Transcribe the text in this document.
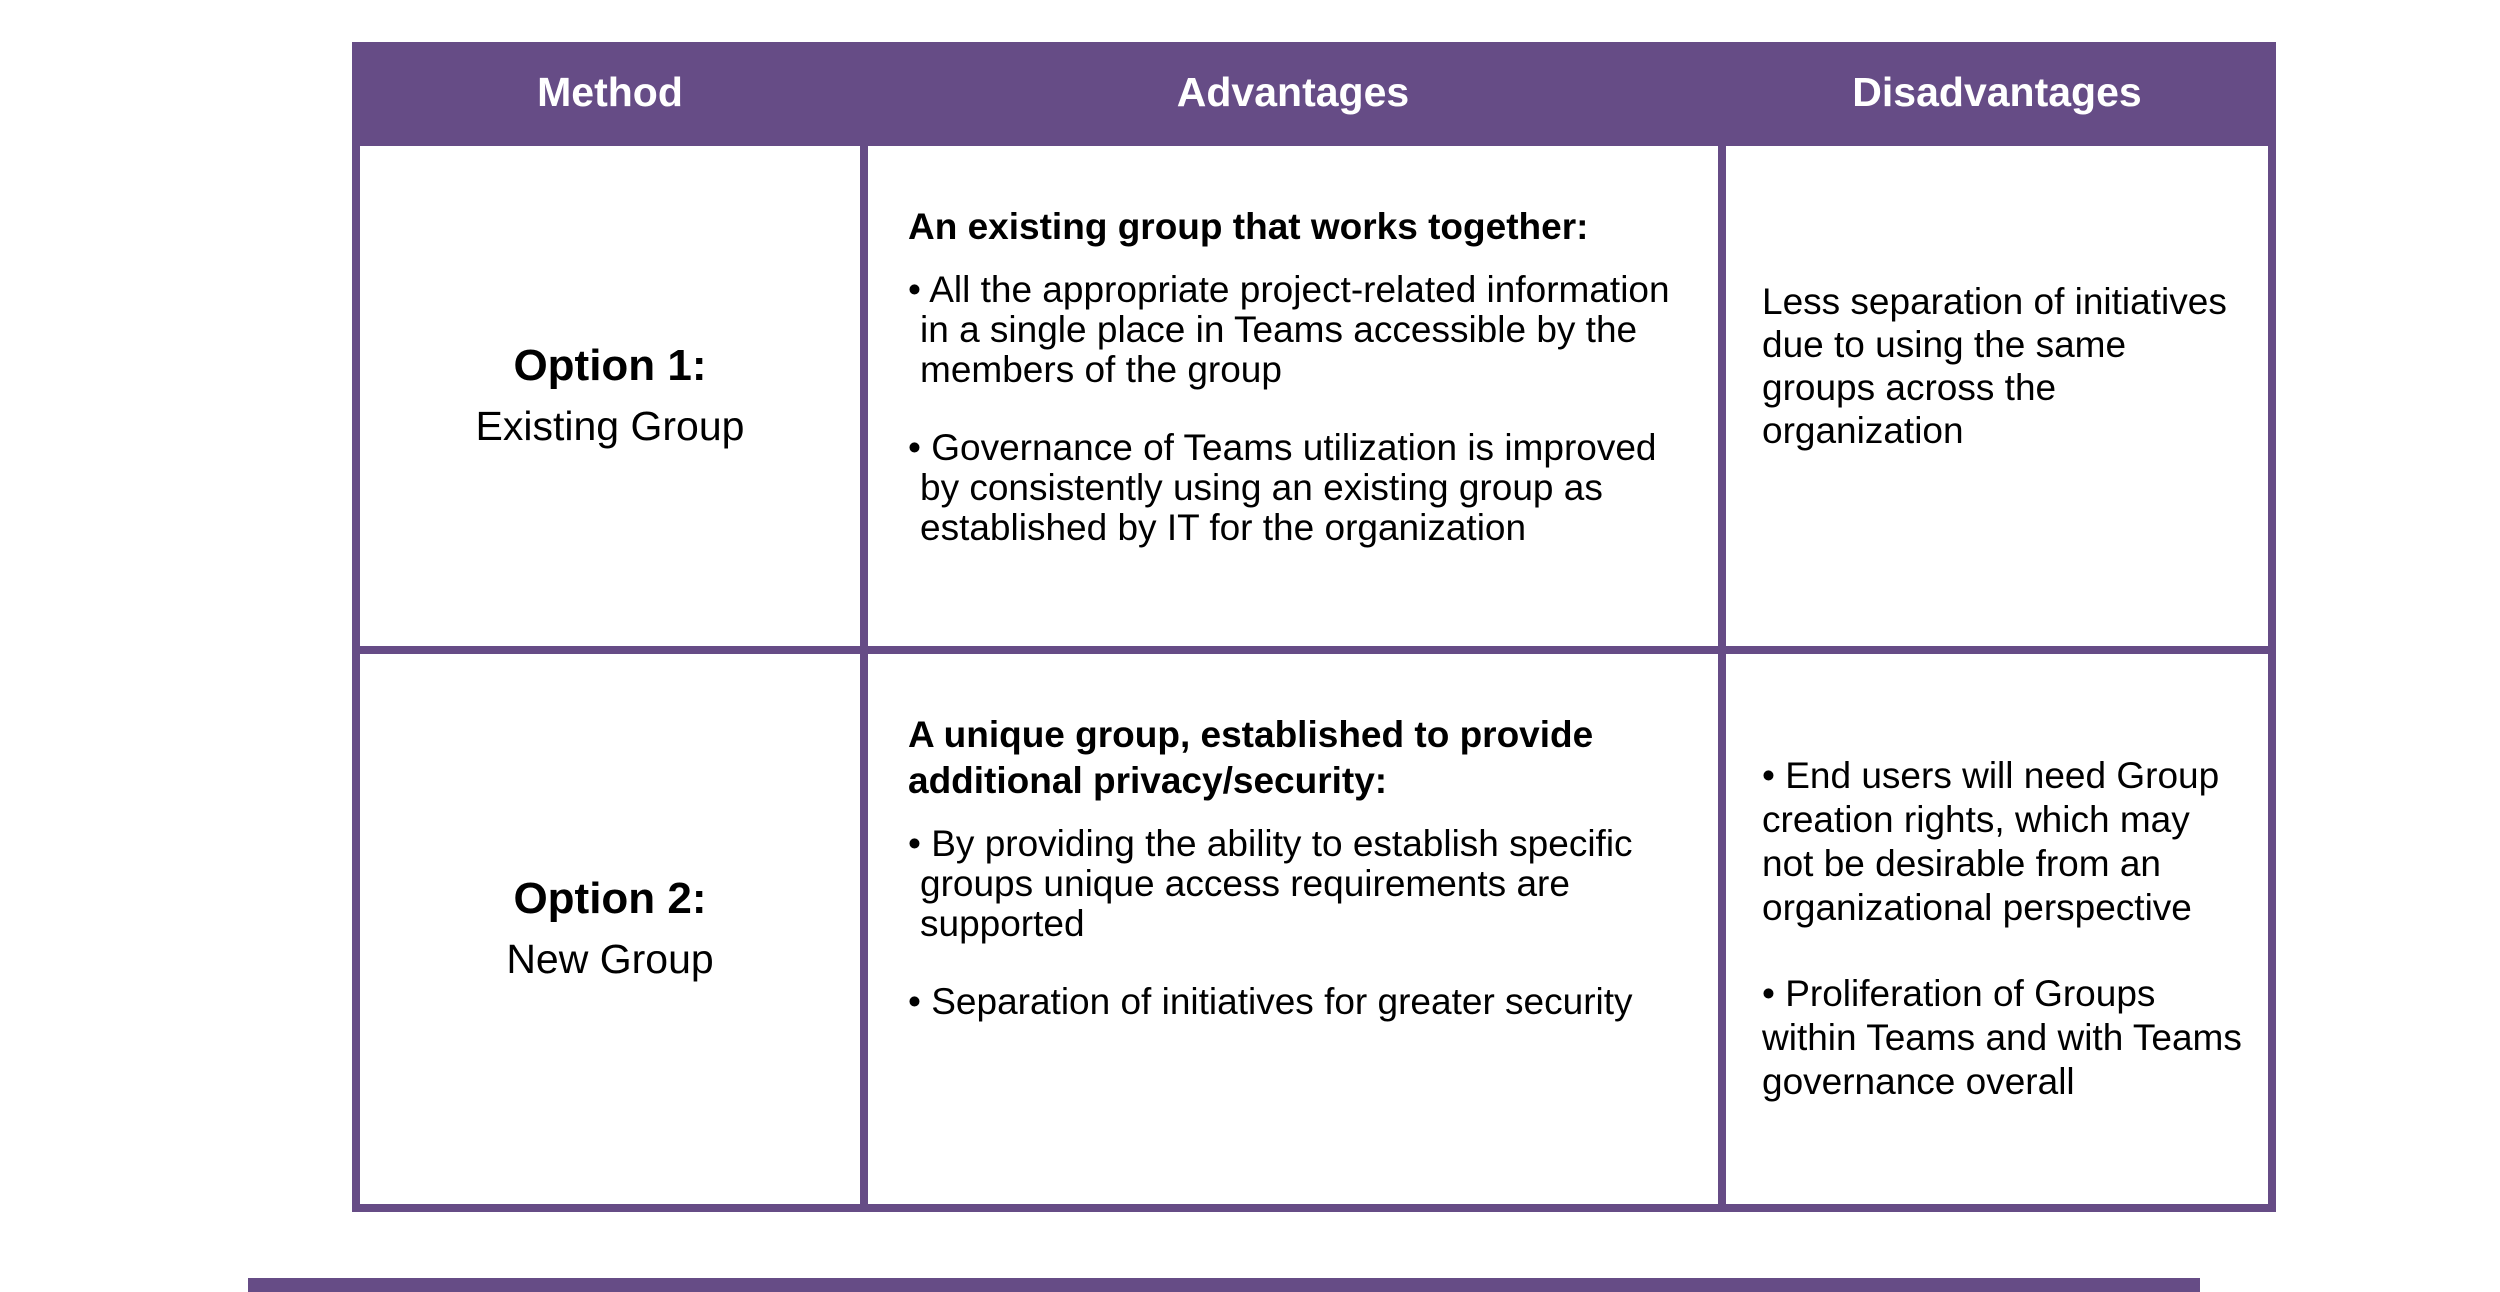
Method	Advantages	Disadvantages
Option 1:
Existing Group

An existing group that works together:

• All the appropriate project-related information in a single place in Teams accessible by the members of the group

• Governance of Teams utilization is improved by consistently using an existing group as established by IT for the organization

Less separation of initiatives due to using the same groups across the organization

Option 2:
New Group

A unique group, established to provide additional privacy/security:

• By providing the ability to establish specific groups unique access requirements are supported

• Separation of initiatives for greater security

• End users will need Group creation rights, which may not be desirable from an organizational perspective

• Proliferation of Groups within Teams and with Teams governance overall
